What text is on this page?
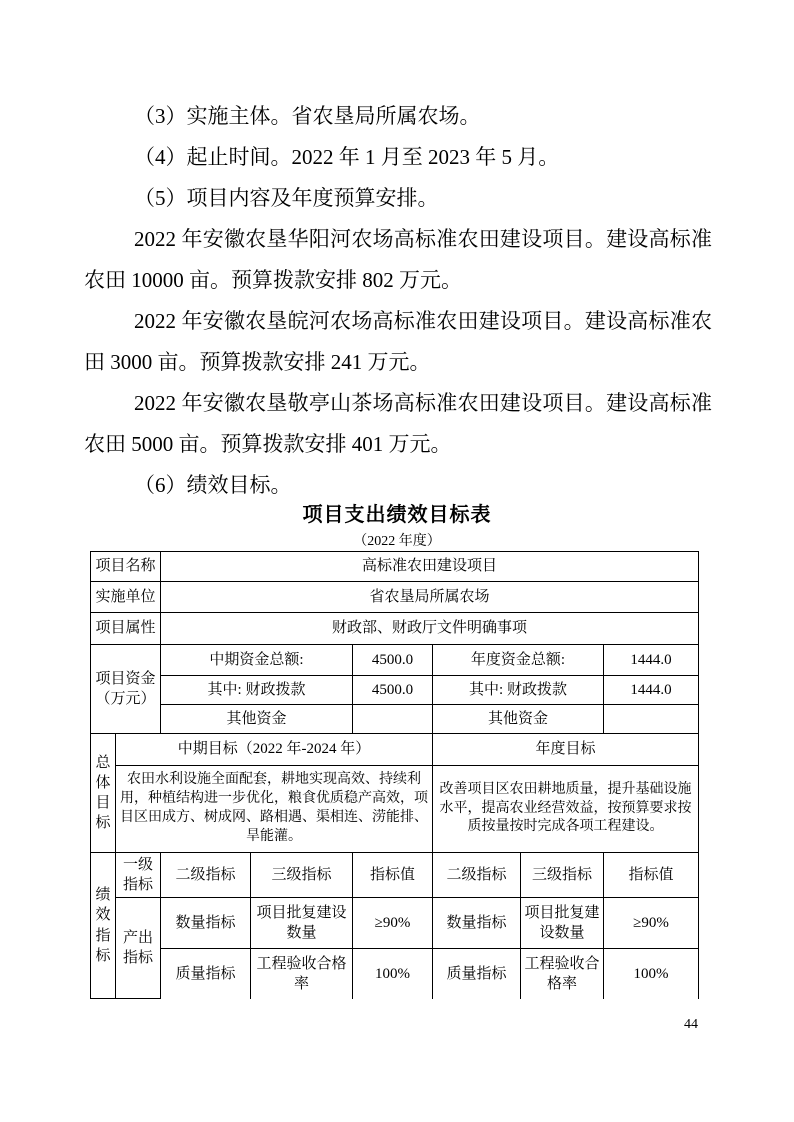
（3）实施主体。省农垦局所属农场。

（4）起止时间。2022 年 1 月至 2023 年 5 月。

（5）项目内容及年度预算安排。

2022 年安徽农垦华阳河农场高标准农田建设项目。建设高标准农田 10000 亩。预算拨款安排 802 万元。

2022 年安徽农垦皖河农场高标准农田建设项目。建设高标准农田 3000 亩。预算拨款安排 241 万元。

2022 年安徽农垦敬亭山茶场高标准农田建设项目。建设高标准农田 5000 亩。预算拨款安排 401 万元。

（6）绩效目标。

项目支出绩效目标表
（2022 年度）
项目名称		高标准农田建设项目					
实施单位		省农垦局所属农场					
项目属性		财政部、财政厅文件明确事项					
项目资金（万元）		中期资金总额:		4500.0	年度资金总额:		1444.0
		其中: 财政拨款		4500.0	其中: 财政拨款		1444.0
		其他资金			其他资金		
总体目标	中期目标（2022 年-2024 年）				年度目标		
	农田水利设施全面配套，耕地实现高效、持续利用，种植结构进一步优化，粮食优质稳产高效，项目区田成方、树成网、路相遇、渠相连、涝能排、旱能灌。				改善项目区农田耕地质量，提升基础设施水平，提高农业经营效益，按预算要求按质按量按时完成各项工程建设。		
绩效指标	一级指标	二级指标	三级指标	指标值	二级指标	三级指标	指标值
	产出指标	数量指标	项目批复建设数量	≥90%	数量指标	项目批复建设数量	≥90%
		质量指标	工程验收合格率	100%	质量指标	工程验收合格率	100%
44
